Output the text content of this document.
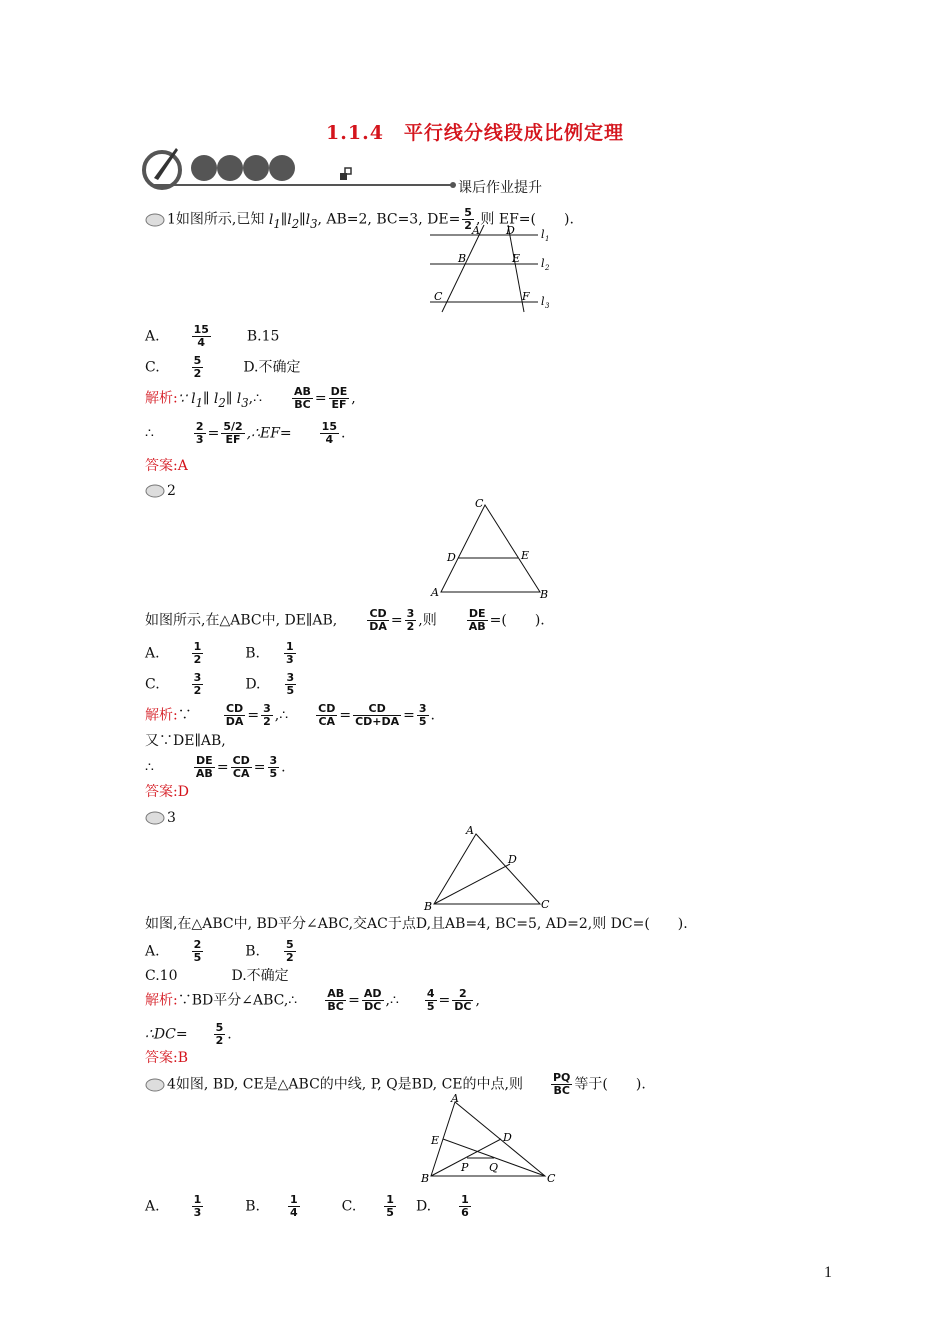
1.1.4　平行线分线段成比例定理
课后作业提升
1如图所示,已知 $l_1\parallel l_2\parallel l_3$, AB=2, BC=3, $DE= \frac{5}{2}$ ,则 EF=(　　).
A D
B	E
C	F
l 1
l 2
l 3
A.	$\frac{15}{4}$	B.15
C.	$\frac{5}{2}$	D.不确定
解析:∵ $l_1\parallel$ $l_2\parallel$ $l_3,\therefore$	$\frac{AB}{BC} = \frac{DE}{EF}$ ,
∴	$\frac{2}{3} = \frac{5/2}{EF}$ ,∴EF=	$\frac{15}{4}$ .
答案:A
2
C
D	E
A	B
如图所示,在△ABC中, DE∥AB,	$\frac{CD}{DA} = \frac{3}{2}$ ,则	$\frac{DE}{AB}$ =(　　).
A.	$\frac{1}{2}$	B. $\frac{1}{3}$
C.	$\frac{3}{2}$	D. $\frac{3}{5}$
解析:∵	$\frac{CD}{DA} = \frac{3}{2}$ ,∴	$\frac{CD}{CA} = \frac{CD}{CD+DA} = \frac{3}{5}$ .
又∵DE∥AB,
∴	$\frac{DE}{AB} = \frac{CD}{CA} = \frac{3}{5}$ .
答案:D
3
A
D
B	C
如图,在△ABC中, BD平分∠ABC,交AC于点D,且AB=4, BC=5, AD=2,则 DC=(　　).
A.	$\frac{2}{5}$	B. $\frac{5}{2}$
C.10	D.不确定
解析:∵BD平分∠ABC,∴	$\frac{AB}{BC} = \frac{AD}{DC}$ ,∴ $\frac{4}{5} = \frac{2}{DC}$ ,
∴DC= $\frac{5}{2}$ .
答案:B
4如图, BD, CE是△ABC的中线, P, Q是BD, CE的中点,则	$\frac{PQ}{BC}$ 等于(　　).
A
E	D
P Q
B	C
A.	$\frac{1}{3}$	B.	$\frac{1}{4}$	C.	$\frac{1}{5} D$.	$\frac{1}{6}$
1
